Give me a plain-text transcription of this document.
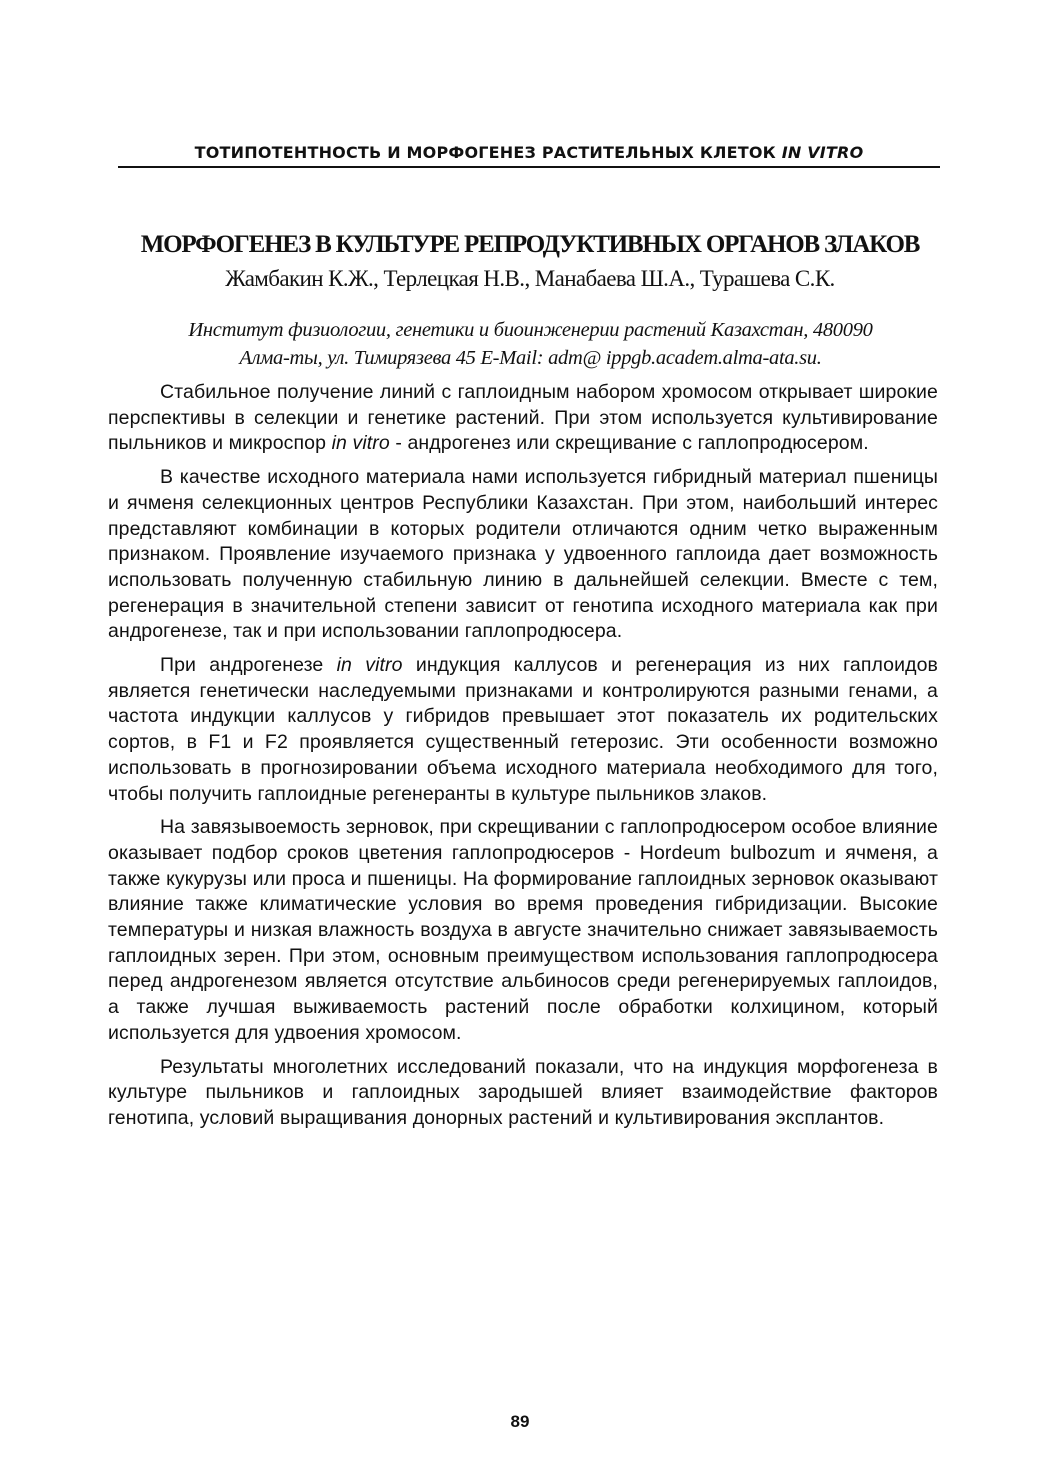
ТОТИПОТЕНТНОСТЬ И МОРФОГЕНЕЗ РАСТИТЕЛЬНЫХ КЛЕТОК IN VITRO
МОРФОГЕНЕЗ В КУЛЬТУРЕ РЕПРОДУКТИВНЫХ ОРГАНОВ ЗЛАКОВ
Жамбакин К.Ж., Терлецкая Н.В., Манабаева Ш.А., Турашева С.К.
Институт физиологии, генетики и биоинженерии растений Казахстан, 480090
Алма-ты, ул. Тимирязева 45 E-Mail: adm@ ippgb.academ.alma-ata.su.

Стабильное получение линий с гаплоидным набором хромосом открывает широкие перспективы в селекции и генетике растений. При этом используется культивирование пыльников и микроспор in vitro - андрогенез или скрещивание с гаплопродюсером.

В качестве исходного материала нами используется гибридный материал пшеницы и ячменя селекционных центров Республики Казахстан. При этом, наибольший интерес представляют комбинации в которых родители отличаются одним четко выраженным признаком. Проявление изучаемого признака у удвоенного гаплоида дает возможность использовать полученную стабильную линию в дальнейшей селекции. Вместе с тем, регенерация в значительной степени зависит от генотипа исходного материала как при андрогенезе, так и при использовании гаплопродюсера.

При андрогенезе in vitro индукция каллусов и регенерация из них гаплоидов является генетически наследуемыми признаками и контролируются разными генами, а частота индукции каллусов у гибридов превышает этот показатель их родительских сортов, в F1 и F2 проявляется существенный гетерозис. Эти особенности возможно использовать в прогнозировании объема исходного материала необходимого для того, чтобы получить гаплоидные регенеранты в культуре пыльников злаков.

На завязывоемость зерновок, при скрещивании с гаплопродюсером особое влияние оказывает подбор сроков цветения гаплопродюсеров - Hordeum bulbozum и ячменя, а также кукурузы или проса и пшеницы. На формирование гаплоидных зерновок оказывают влияние также климатические условия во время проведения гибридизации. Высокие температуры и низкая влажность воздуха в августе значительно снижает завязываемость гаплоидных зерен. При этом, основным преимуществом использования гаплопродюсера перед андрогенезом является отсутствие альбиносов среди регенерируемых гаплоидов, а также лучшая выживаемость растений после обработки колхицином, который используется для удвоения хромосом.

Результаты многолетних исследований показали, что на индукция морфогенеза в культуре пыльников и гаплоидных зародышей влияет взаимодействие факторов генотипа, условий выращивания донорных растений и культивирования эксплантов.

89
